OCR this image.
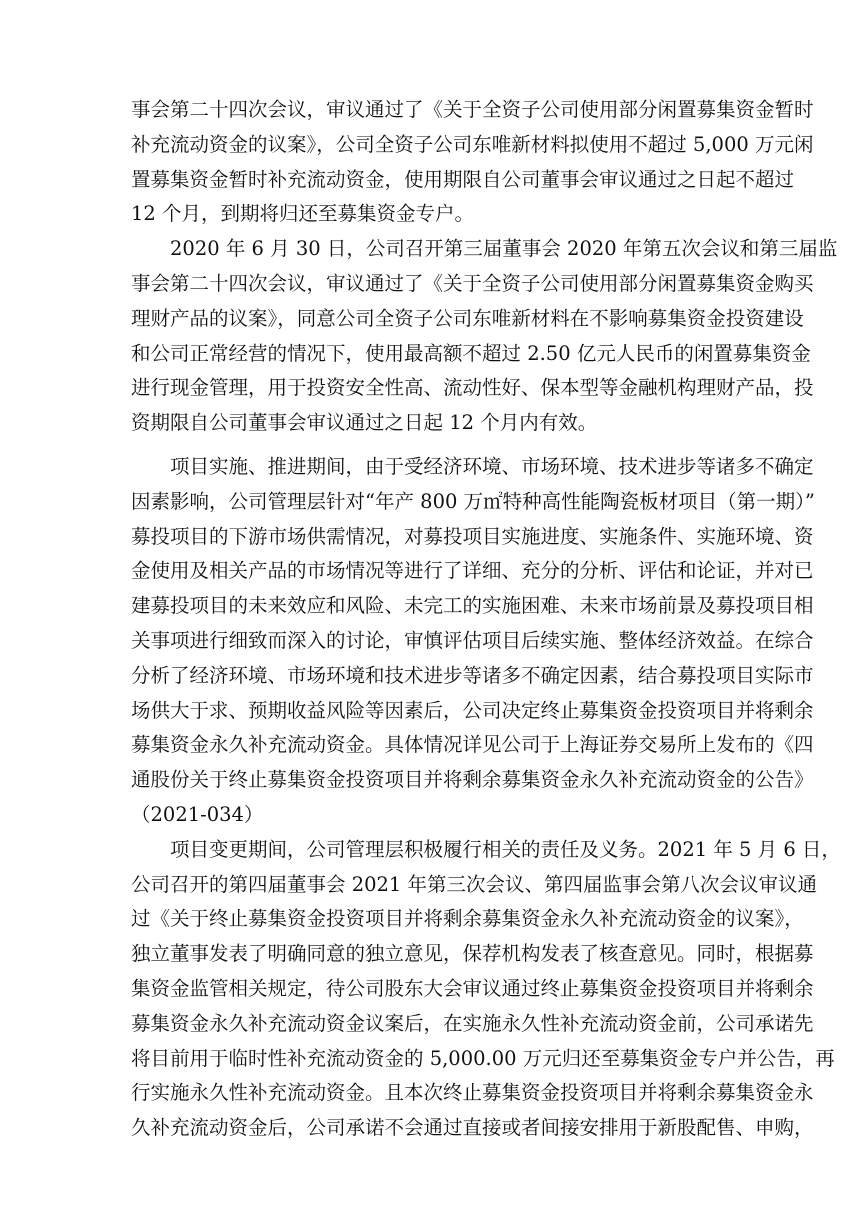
事会第二十四次会议，审议通过了《关于全资子公司使用部分闲置募集资金暂时
补充流动资金的议案》，公司全资子公司东唯新材料拟使用不超过 5,000 万元闲
置募集资金暂时补充流动资金，使用期限自公司董事会审议通过之日起不超过
12 个月，到期将归还至募集资金专户。
2020 年 6 月 30 日，公司召开第三届董事会 2020 年第五次会议和第三届监
事会第二十四次会议，审议通过了《关于全资子公司使用部分闲置募集资金购买
理财产品的议案》，同意公司全资子公司东唯新材料在不影响募集资金投资建设
和公司正常经营的情况下，使用最高额不超过 2.50 亿元人民币的闲置募集资金
进行现金管理，用于投资安全性高、流动性好、保本型等金融机构理财产品，投
资期限自公司董事会审议通过之日起 12 个月内有效。
项目实施、推进期间，由于受经济环境、市场环境、技术进步等诸多不确定
因素影响，公司管理层针对“年产 800 万㎡特种高性能陶瓷板材项目（第一期）”
募投项目的下游市场供需情况，对募投项目实施进度、实施条件、实施环境、资
金使用及相关产品的市场情况等进行了详细、充分的分析、评估和论证，并对已
建募投项目的未来效应和风险、未完工的实施困难、未来市场前景及募投项目相
关事项进行细致而深入的讨论，审慎评估项目后续实施、整体经济效益。在综合
分析了经济环境、市场环境和技术进步等诸多不确定因素，结合募投项目实际市
场供大于求、预期收益风险等因素后，公司决定终止募集资金投资项目并将剩余
募集资金永久补充流动资金。具体情况详见公司于上海证券交易所上发布的《四
通股份关于终止募集资金投资项目并将剩余募集资金永久补充流动资金的公告》
（2021-034）
项目变更期间，公司管理层积极履行相关的责任及义务。2021 年 5 月 6 日，
公司召开的第四届董事会 2021 年第三次会议、第四届监事会第八次会议审议通
过《关于终止募集资金投资项目并将剩余募集资金永久补充流动资金的议案》，
独立董事发表了明确同意的独立意见，保荐机构发表了核查意见。同时，根据募
集资金监管相关规定，待公司股东大会审议通过终止募集资金投资项目并将剩余
募集资金永久补充流动资金议案后，在实施永久性补充流动资金前，公司承诺先
将目前用于临时性补充流动资金的 5,000.00 万元归还至募集资金专户并公告，再
行实施永久性补充流动资金。且本次终止募集资金投资项目并将剩余募集资金永
久补充流动资金后，公司承诺不会通过直接或者间接安排用于新股配售、申购，
